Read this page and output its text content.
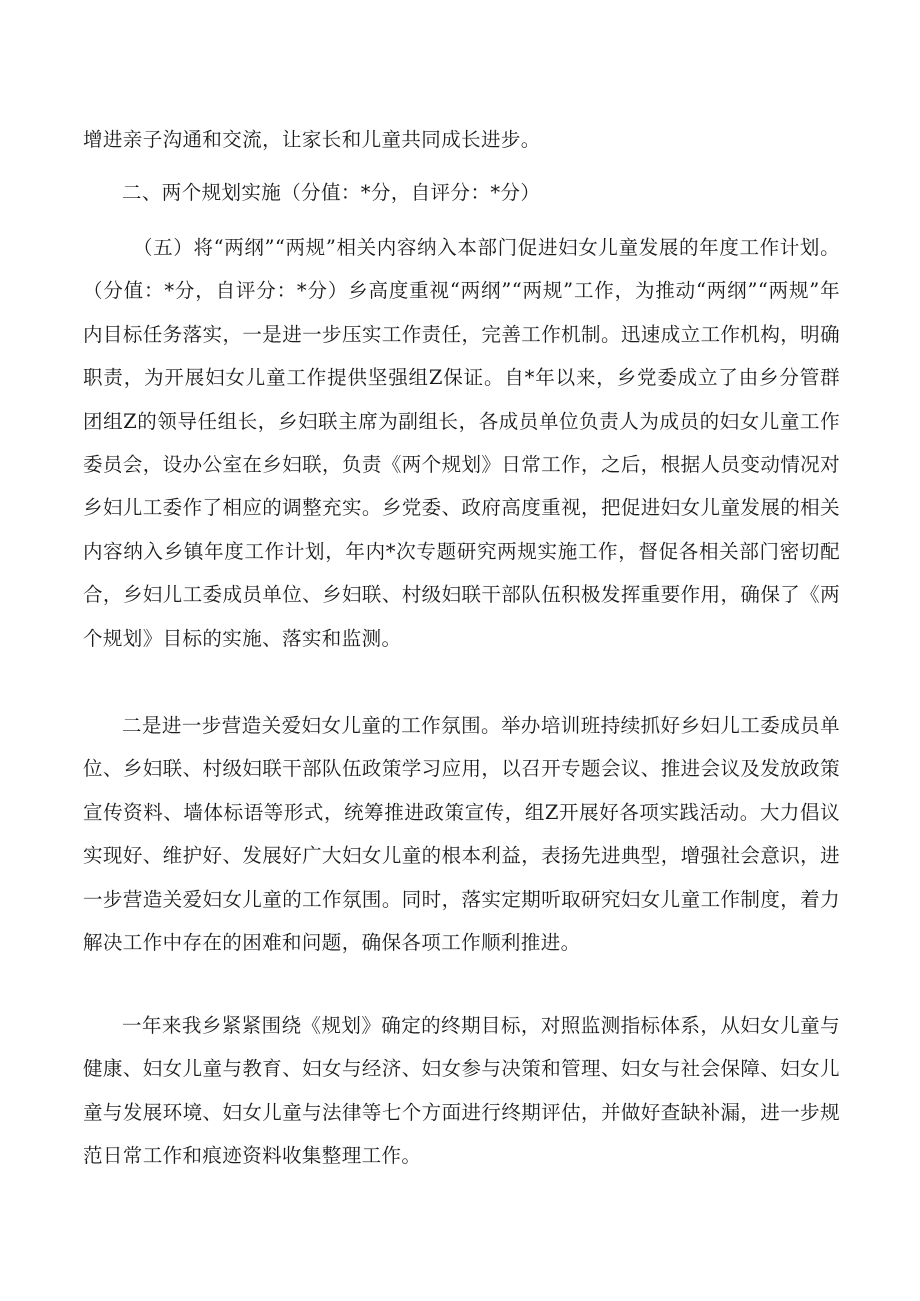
增进亲子沟通和交流，让家长和儿童共同成长进步。

二、两个规划实施（分值：*分，自评分：*分）

（五）将“两纲”“两规”相关内容纳入本部门促进妇女儿童发展的年度工作计划。（分值：*分，自评分：*分）乡高度重视“两纲”“两规”工作，为推动“两纲”“两规”年内目标任务落实，一是进一步压实工作责任，完善工作机制。迅速成立工作机构，明确职责，为开展妇女儿童工作提供坚强组Z保证。自*年以来，乡党委成立了由乡分管群团组Z的领导任组长，乡妇联主席为副组长，各成员单位负责人为成员的妇女儿童工作委员会，设办公室在乡妇联，负责《两个规划》日常工作，之后，根据人员变动情况对乡妇儿工委作了相应的调整充实。乡党委、政府高度重视，把促进妇女儿童发展的相关内容纳入乡镇年度工作计划，年内*次专题研究两规实施工作，督促各相关部门密切配合，乡妇儿工委成员单位、乡妇联、村级妇联干部队伍积极发挥重要作用，确保了《两个规划》目标的实施、落实和监测。

二是进一步营造关爱妇女儿童的工作氛围。举办培训班持续抓好乡妇儿工委成员单位、乡妇联、村级妇联干部队伍政策学习应用，以召开专题会议、推进会议及发放政策宣传资料、墙体标语等形式，统筹推进政策宣传，组Z开展好各项实践活动。大力倡议实现好、维护好、发展好广大妇女儿童的根本利益，表扬先进典型，增强社会意识，进一步营造关爱妇女儿童的工作氛围。同时，落实定期听取研究妇女儿童工作制度，着力解决工作中存在的困难和问题，确保各项工作顺利推进。

一年来我乡紧紧围绕《规划》确定的终期目标，对照监测指标体系，从妇女儿童与健康、妇女儿童与教育、妇女与经济、妇女参与决策和管理、妇女与社会保障、妇女儿童与发展环境、妇女儿童与法律等七个方面进行终期评估，并做好查缺补漏，进一步规范日常工作和痕迹资料收集整理工作。
